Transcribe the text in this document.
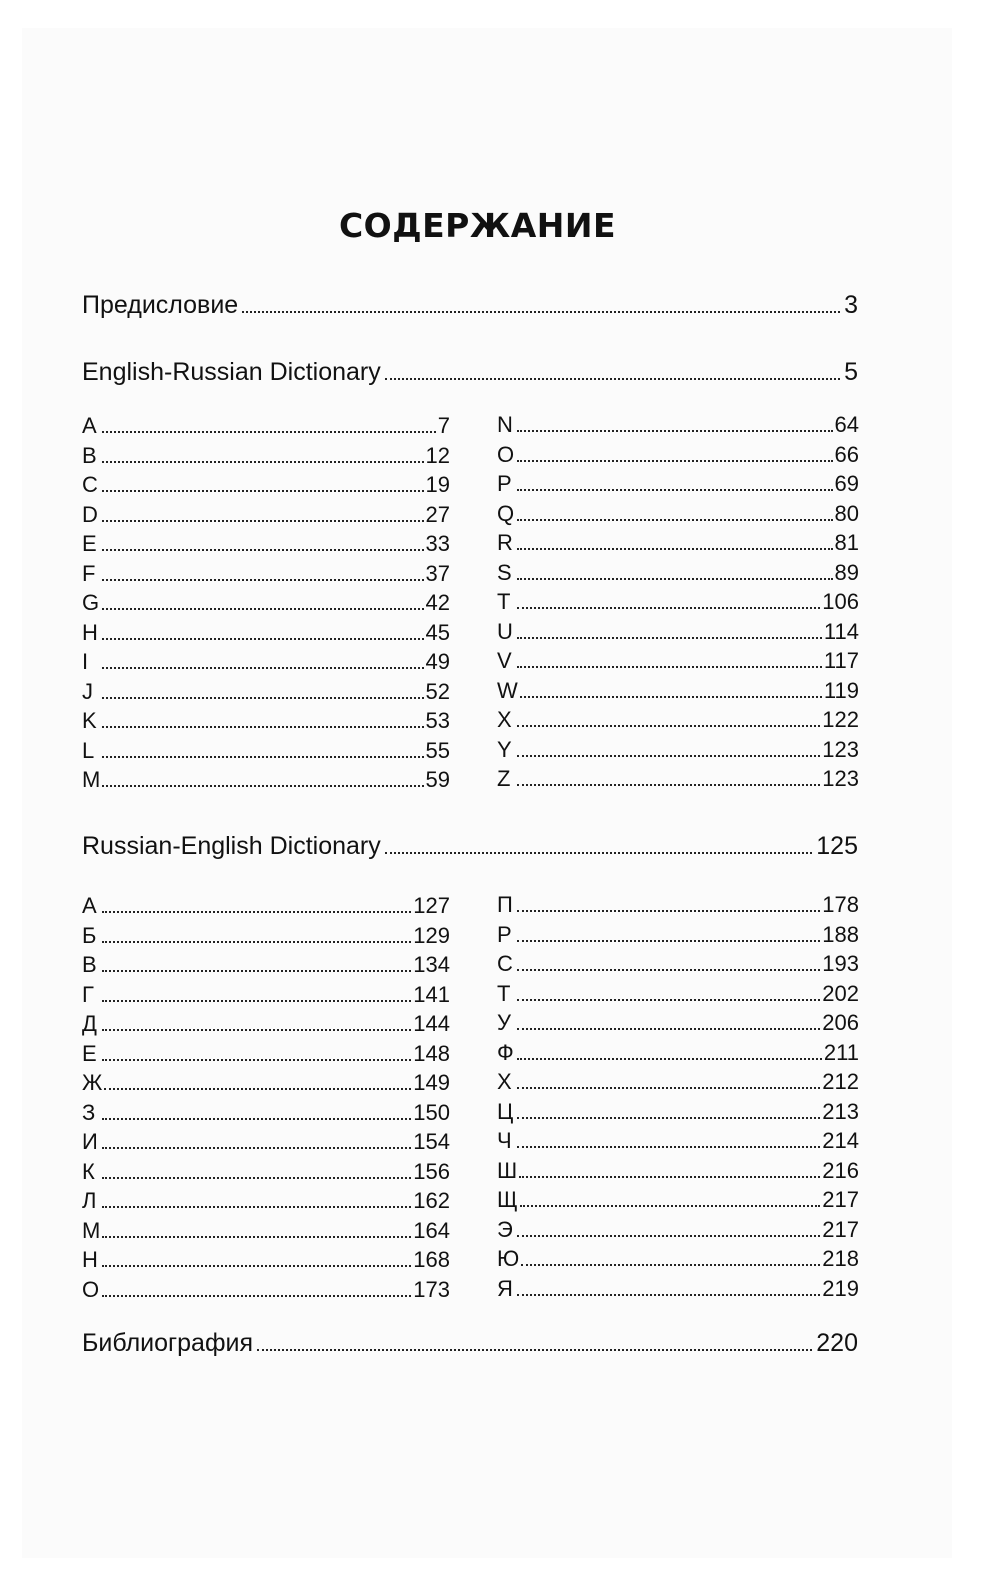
СОДЕРЖАНИЕ
Предисловие	3
English-Russian Dictionary	5
A	7
B	12
C	19
D	27
E	33
F	37
G	42
H	45
I	49
J	52
K	53
L	55
M	59
N	64
O	66
P	69
Q	80
R	81
S	89
T	106
U	114
V	117
W	119
X	122
Y	123
Z	123
Russian-English Dictionary	125
А	127
Б	129
В	134
Г	141
Д	144
Е	148
Ж	149
З	150
И	154
К	156
Л	162
М	164
Н	168
О	173
П	178
Р	188
С	193
Т	202
У	206
Ф	211
Х	212
Ц	213
Ч	214
Ш	216
Щ	217
Э	217
Ю	218
Я	219
Библиография	220
